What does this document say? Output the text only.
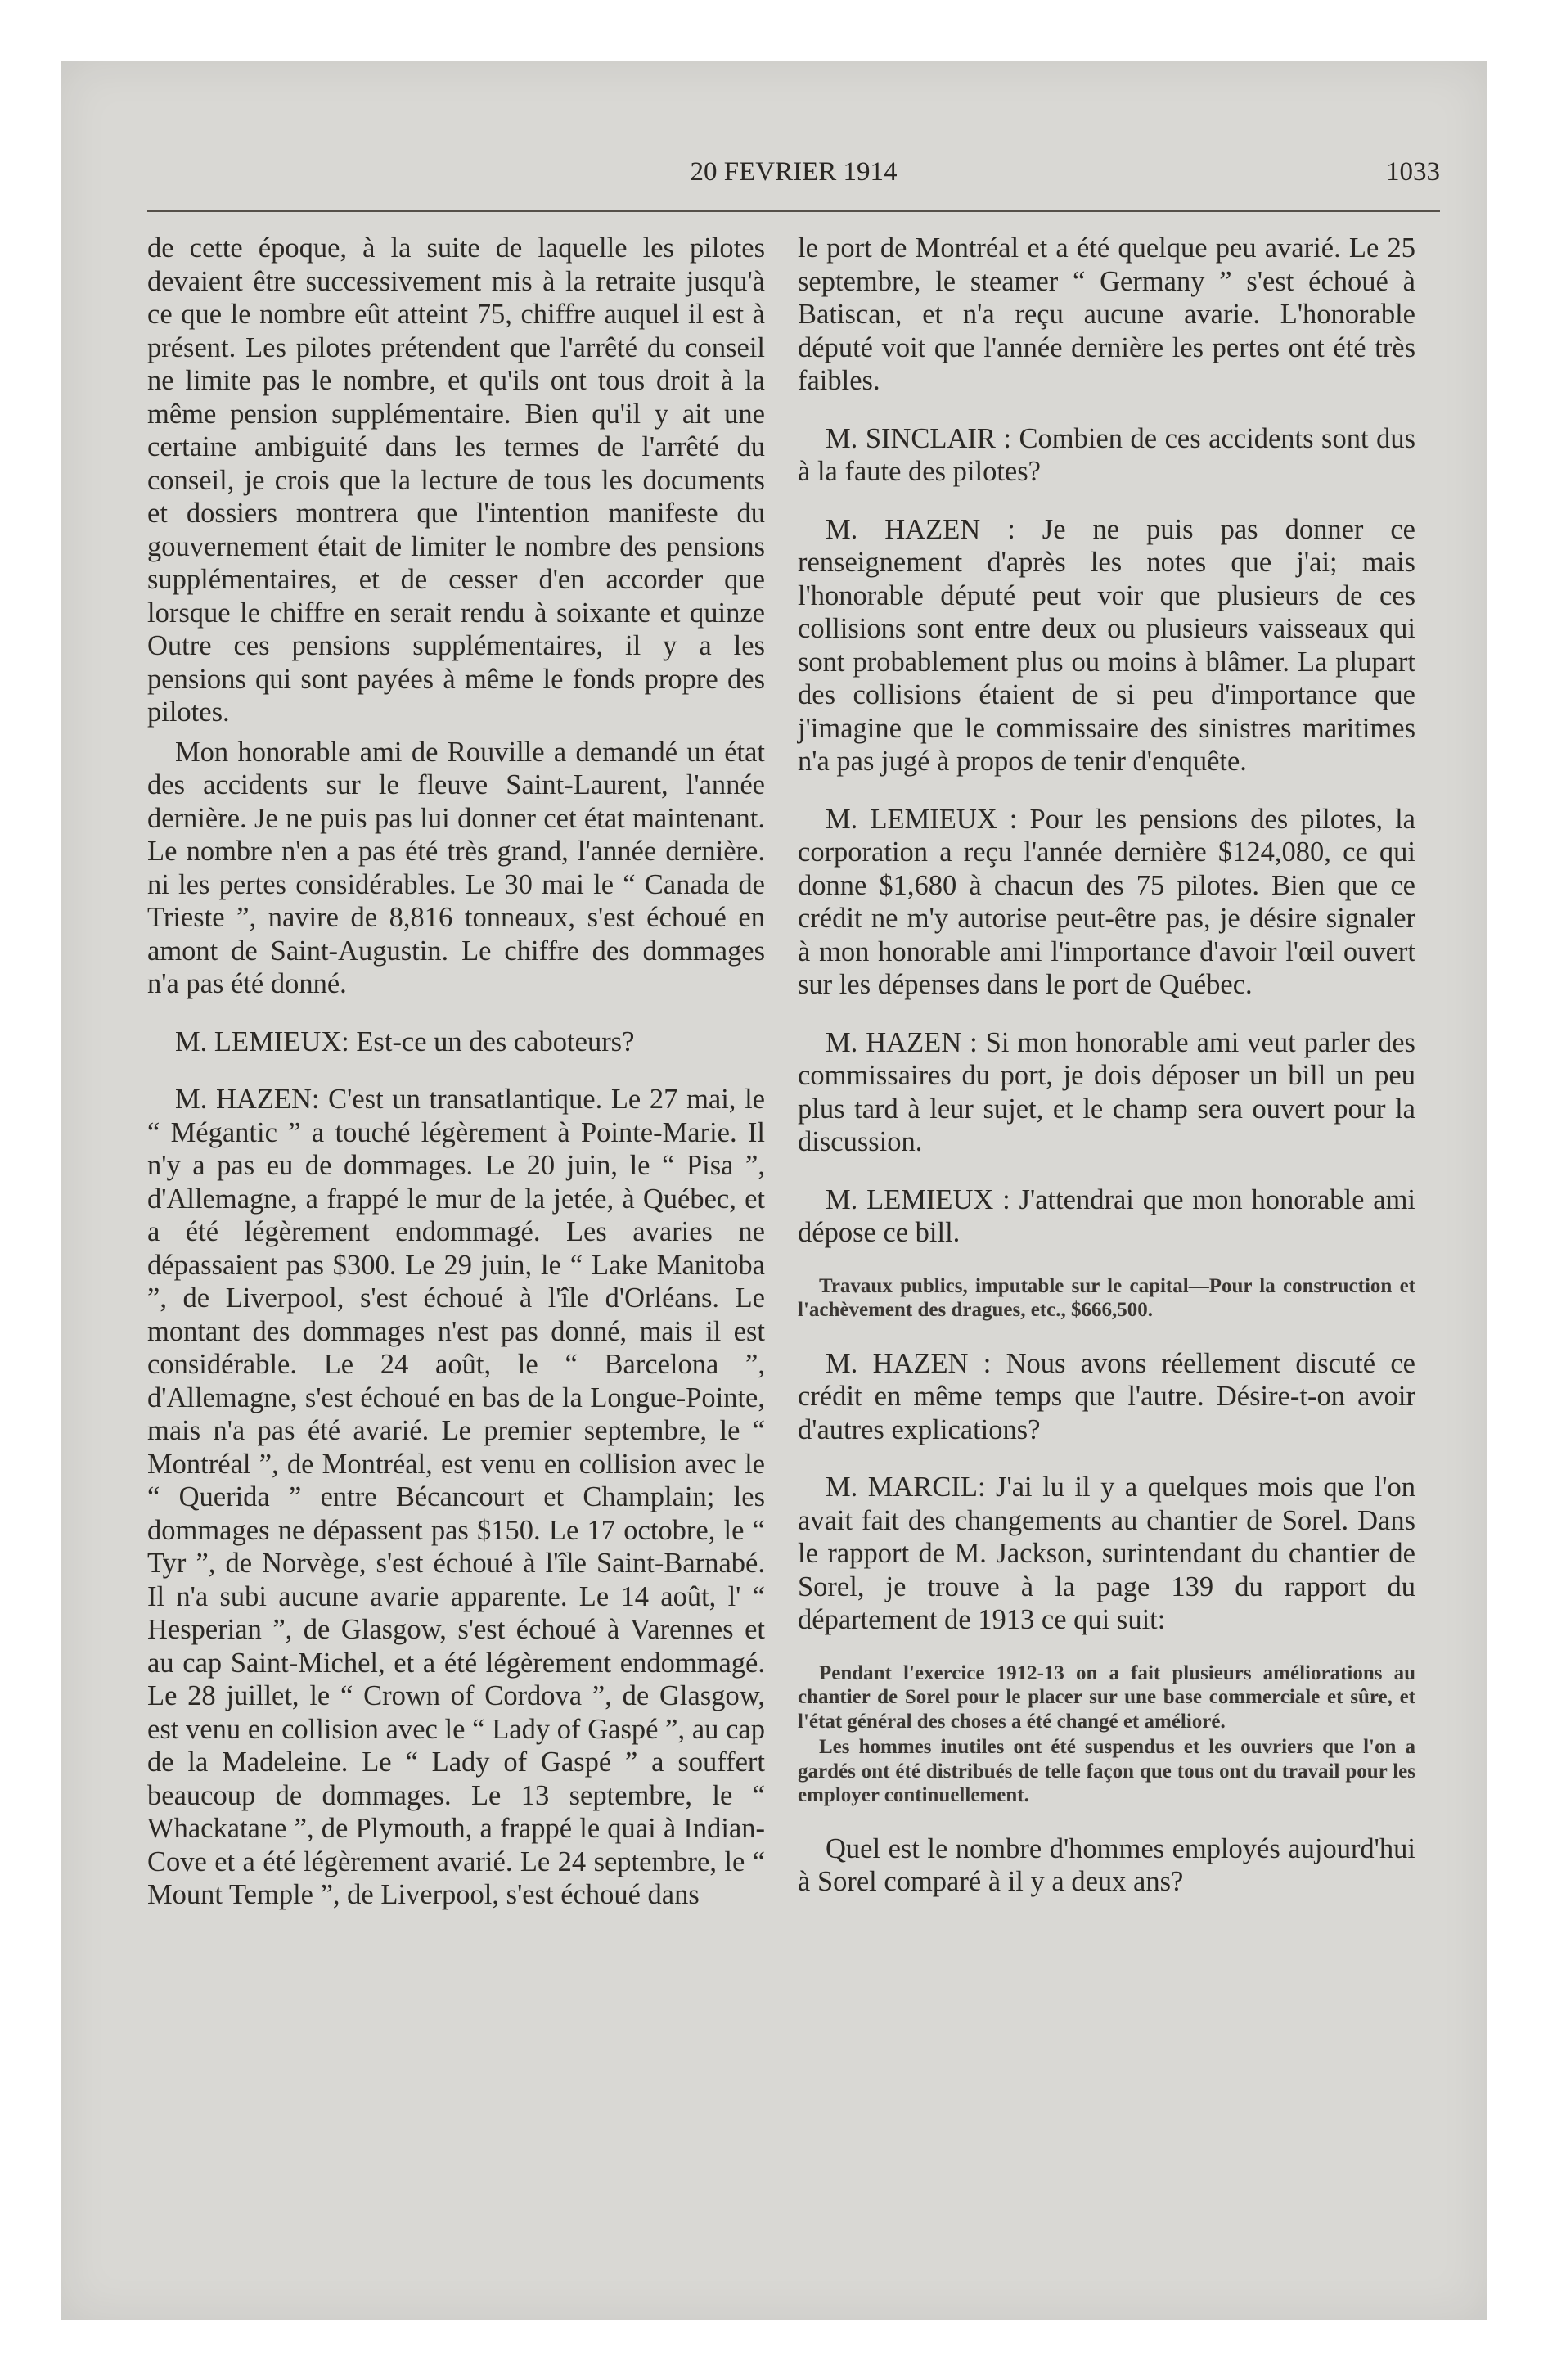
20 FEVRIER 1914	1033

de cette époque, à la suite de laquelle les pilotes devaient être successivement mis à la retraite jusqu'à ce que le nombre eût atteint 75, chiffre auquel il est à présent. Les pilotes prétendent que l'arrêté du conseil ne limite pas le nombre, et qu'ils ont tous droit à la même pension supplémentaire. Bien qu'il y ait une certaine ambiguité dans les termes de l'arrêté du conseil, je crois que la lecture de tous les documents et dossiers montrera que l'intention manifeste du gouvernement était de limiter le nombre des pensions supplémentaires, et de cesser d'en accorder que lorsque le chiffre en serait rendu à soixante et quinze Outre ces pensions supplémentaires, il y a les pensions qui sont payées à même le fonds propre des pilotes.

Mon honorable ami de Rouville a demandé un état des accidents sur le fleuve Saint-Laurent, l'année dernière. Je ne puis pas lui donner cet état maintenant. Le nombre n'en a pas été très grand, l'année dernière. ni les pertes considérables. Le 30 mai le “ Canada de Trieste ”, navire de 8,816 tonneaux, s'est échoué en amont de Saint-Augustin. Le chiffre des dommages n'a pas été donné.

M. LEMIEUX: Est-ce un des caboteurs?

M. HAZEN: C'est un transatlantique. Le 27 mai, le “ Mégantic ” a touché légèrement à Pointe-Marie. Il n'y a pas eu de dommages. Le 20 juin, le “ Pisa ”, d'Allemagne, a frappé le mur de la jetée, à Québec, et a été légèrement endommagé. Les avaries ne dépassaient pas $300. Le 29 juin, le “ Lake Manitoba ”, de Liverpool, s'est échoué à l'île d'Orléans. Le montant des dommages n'est pas donné, mais il est considérable. Le 24 août, le “ Barcelona ”, d'Allemagne, s'est échoué en bas de la Longue-Pointe, mais n'a pas été avarié. Le premier septembre, le “ Montréal ”, de Montréal, est venu en collision avec le “ Querida ” entre Bécancourt et Champlain; les dommages ne dépassent pas $150. Le 17 octobre, le “ Tyr ”, de Norvège, s'est échoué à l'île Saint-Barnabé. Il n'a subi aucune avarie apparente. Le 14 août, l' “ Hesperian ”, de Glasgow, s'est échoué à Varennes et au cap Saint-Michel, et a été légèrement endommagé. Le 28 juillet, le “ Crown of Cordova ”, de Glasgow, est venu en collision avec le “ Lady of Gaspé ”, au cap de la Madeleine. Le “ Lady of Gaspé ” a souffert beaucoup de dommages. Le 13 septembre, le “ Whackatane ”, de Plymouth, a frappé le quai à Indian-Cove et a été légèrement avarié. Le 24 septembre, le “ Mount Temple ”, de Liverpool, s'est échoué dans

le port de Montréal et a été quelque peu avarié. Le 25 septembre, le steamer “ Germany ” s'est échoué à Batiscan, et n'a reçu aucune avarie. L'honorable député voit que l'année dernière les pertes ont été très faibles.

M. SINCLAIR : Combien de ces accidents sont dus à la faute des pilotes?

M. HAZEN : Je ne puis pas donner ce renseignement d'après les notes que j'ai; mais l'honorable député peut voir que plusieurs de ces collisions sont entre deux ou plusieurs vaisseaux qui sont probablement plus ou moins à blâmer. La plupart des collisions étaient de si peu d'importance que j'imagine que le commissaire des sinistres maritimes n'a pas jugé à propos de tenir d'enquête.

M. LEMIEUX : Pour les pensions des pilotes, la corporation a reçu l'année dernière $124,080, ce qui donne $1,680 à chacun des 75 pilotes. Bien que ce crédit ne m'y autorise peut-être pas, je désire signaler à mon honorable ami l'importance d'avoir l'œil ouvert sur les dépenses dans le port de Québec.

M. HAZEN : Si mon honorable ami veut parler des commissaires du port, je dois déposer un bill un peu plus tard à leur sujet, et le champ sera ouvert pour la discussion.

M. LEMIEUX : J'attendrai que mon honorable ami dépose ce bill.

Travaux publics, imputable sur le capital—Pour la construction et l'achèvement des dragues, etc., $666,500.

M. HAZEN : Nous avons réellement discuté ce crédit en même temps que l'autre. Désire-t-on avoir d'autres explications?

M. MARCIL: J'ai lu il y a quelques mois que l'on avait fait des changements au chantier de Sorel. Dans le rapport de M. Jackson, surintendant du chantier de Sorel, je trouve à la page 139 du rapport du département de 1913 ce qui suit:

Pendant l'exercice 1912-13 on a fait plusieurs améliorations au chantier de Sorel pour le placer sur une base commerciale et sûre, et l'état général des choses a été changé et amélioré.

Les hommes inutiles ont été suspendus et les ouvriers que l'on a gardés ont été distribués de telle façon que tous ont du travail pour les employer continuellement.

Quel est le nombre d'hommes employés aujourd'hui à Sorel comparé à il y a deux ans?
